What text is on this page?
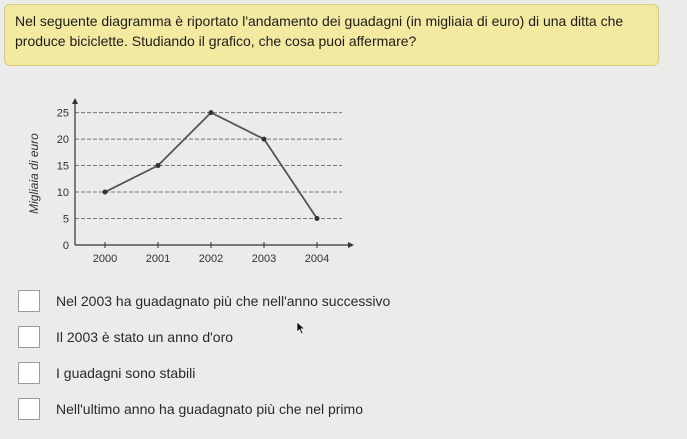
Nel seguente diagramma è riportato l'andamento dei guadagni (in migliaia di euro) di una ditta che produce biciclette. Studiando il grafico, che cosa puoi affermare?
0
5
10
15
20
25
2000	2001	2002	2003	2004
Migliaia di euro
Nel 2003 ha guadagnato più che nell'anno successivo
Il 2003 è stato un anno d'oro
I guadagni sono stabili
Nell'ultimo anno ha guadagnato più che nel primo
